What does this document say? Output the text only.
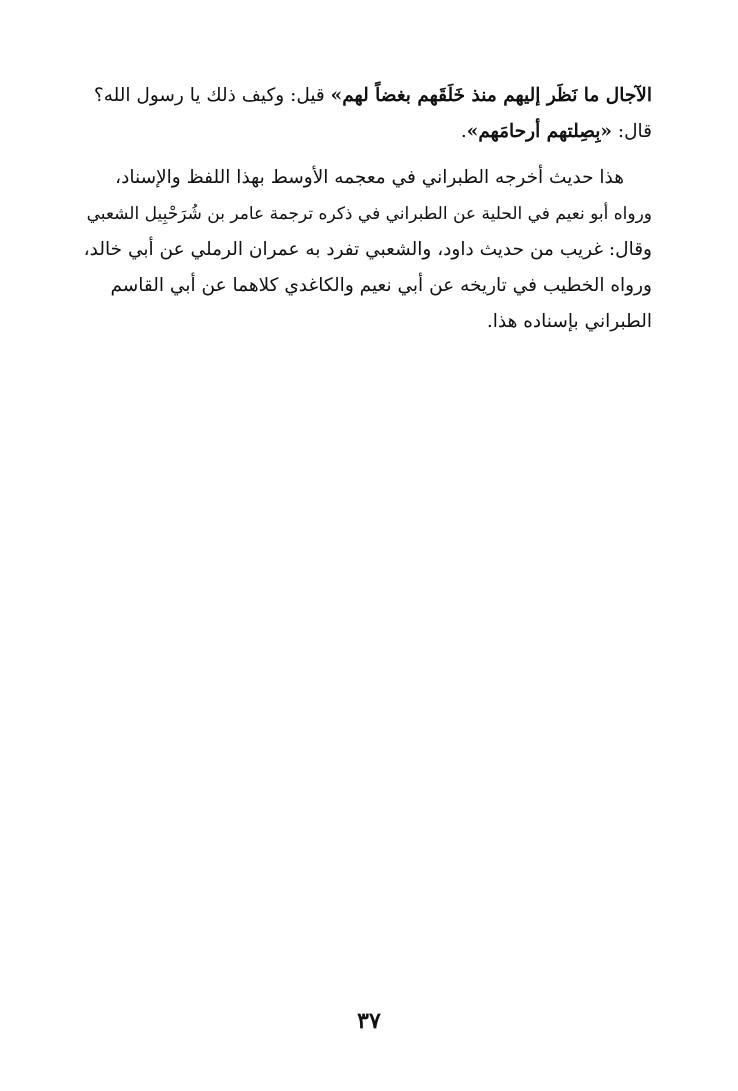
الآجال ما نَظَر إليهم منذ خَلَقَهم بغضاً لهم» قيل: وكيف ذلك يا رسول الله؟
قال: «بِصِلتهم أرحامَهم».
هذا حديث أخرجه الطبراني في معجمه الأوسط بهذا اللفظ والإسناد،
ورواه أبو نعيم في الحلية عن الطبراني في ذكره ترجمة عامر بن شُرَحْبِيل الشعبي
وقال: غريب من حديث داود، والشعبي تفرد به عمران الرملي عن أبي خالد،
ورواه الخطيب في تاريخه عن أبي نعيم والكاغدي كلاهما عن أبي القاسم
الطبراني بإسناده هذا.
٣٧
